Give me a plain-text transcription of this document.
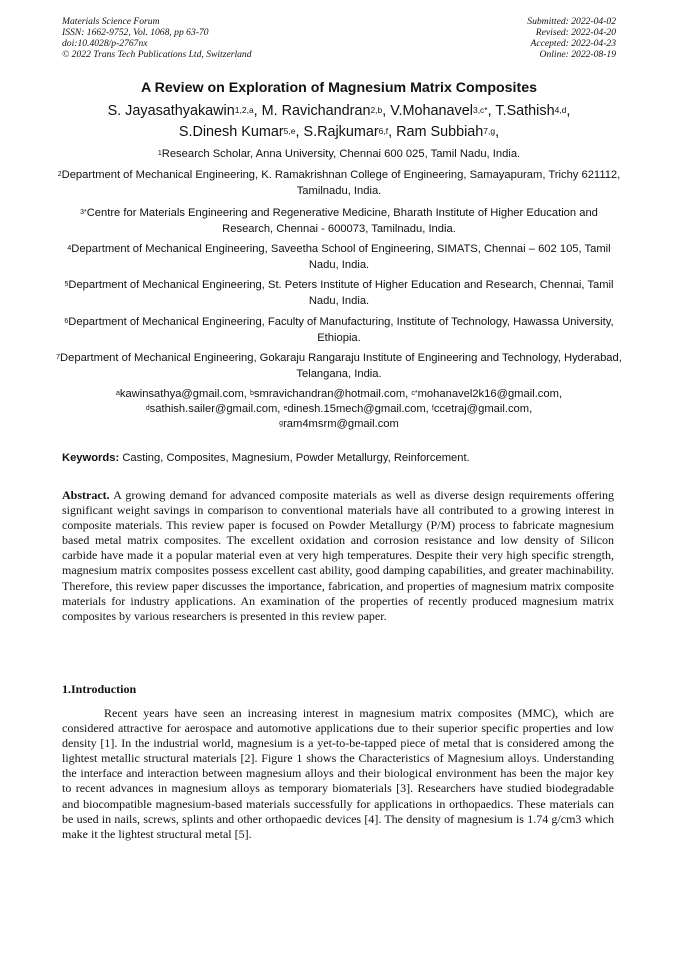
Materials Science Forum
ISSN: 1662-9752, Vol. 1068, pp 63-70
doi:10.4028/p-2767nx
© 2022 Trans Tech Publications Ltd, Switzerland
Submitted: 2022-04-02
Revised: 2022-04-20
Accepted: 2022-04-23
Online: 2022-08-19
A Review on Exploration of Magnesium Matrix Composites
S. Jayasathyakawin$^{1,2,a}$, M. Ravichandran$^{2,b}$, V.Mohanavel$^{3,c*}$, T.Sathish$^{4,d}$,
S.Dinesh Kumar$^{5,e}$, S.Rajkumar$^{6,f}$, Ram Subbiah$^{7,g}$,
$^1$Research Scholar, Anna University, Chennai 600 025, Tamil Nadu, India.
$^2$Department of Mechanical Engineering, K. Ramakrishnan College of Engineering, Samayapuram, Trichy 621112, Tamilnadu, India.
$^{3*}$Centre for Materials Engineering and Regenerative Medicine, Bharath Institute of Higher Education and Research, Chennai - 600073, Tamilnadu, India.
$^4$Department of Mechanical Engineering, Saveetha School of Engineering, SIMATS, Chennai – 602 105, Tamil Nadu, India.
$^5$Department of Mechanical Engineering, St. Peters Institute of Higher Education and Research, Chennai, Tamil Nadu, India.
$^6$Department of Mechanical Engineering, Faculty of Manufacturing, Institute of Technology, Hawassa University, Ethiopia.
$^7$Department of Mechanical Engineering, Gokaraju Rangaraju Institute of Engineering and Technology, Hyderabad, Telangana, India.
$^a$kawinsathya@gmail.com, $^b$smravichandran@hotmail.com, $^{c*}$mohanavel2k16@gmail.com,
$^d$sathish.sailer@gmail.com, $^e$dinesh.15mech@gmail.com, $^f$ccetraj@gmail.com,
$^g$ram4msrm@gmail.com
Keywords: Casting, Composites, Magnesium, Powder Metallurgy, Reinforcement.

Abstract. A growing demand for advanced composite materials as well as diverse design requirements offering significant weight savings in comparison to conventional materials have all contributed to a growing interest in composite materials. This review paper is focused on Powder Metallurgy (P/M) process to fabricate magnesium based metal matrix composites. The excellent oxidation and corrosion resistance and low density of Silicon carbide have made it a popular material even at very high temperatures. Despite their very high specific strength, magnesium matrix composites possess excellent cast ability, good damping capabilities, and greater machinability. Therefore, this review paper discusses the importance, fabrication, and properties of magnesium matrix composite materials for industry applications. An examination of the properties of recently produced magnesium matrix composites by various researchers is presented in this review paper.

1.Introduction

Recent years have seen an increasing interest in magnesium matrix composites (MMC), which are considered attractive for aerospace and automotive applications due to their superior specific properties and low density [1]. In the industrial world, magnesium is a yet-to-be-tapped piece of metal that is considered among the lightest metallic structural materials [2]. Figure 1 shows the Characteristics of Magnesium alloys. Understanding the interface and interaction between magnesium alloys and their biological environment has been the major key to recent advances in magnesium alloys as temporary biomaterials [3]. Researchers have studied biodegradable and biocompatible magnesium-based materials successfully for applications in orthopaedics. These materials can be used in nails, screws, splints and other orthopaedic devices [4]. The density of magnesium is 1.74 g/cm3 which make it the lightest structural metal [5].
